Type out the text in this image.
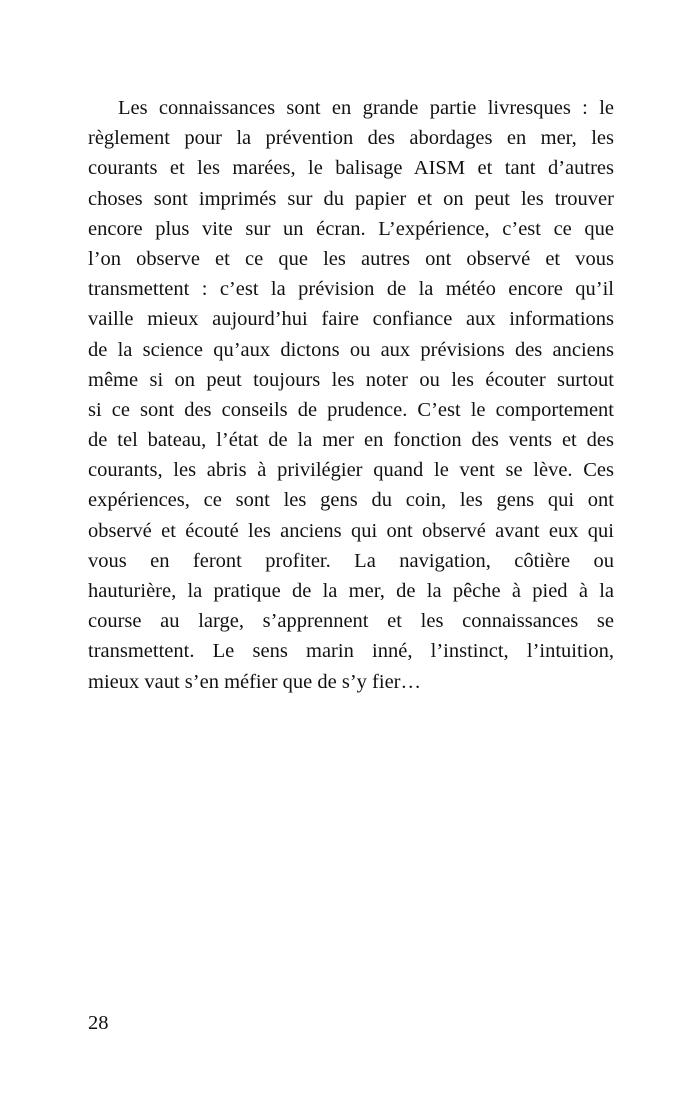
Les connaissances sont en grande partie livresques : le
règlement pour la prévention des abordages en mer, les
courants et les marées, le balisage AISM et tant d’autres
choses sont imprimés sur du papier et on peut les trouver
encore plus vite sur un écran. L’expérience, c’est ce que
l’on observe et ce que les autres ont observé et vous
transmettent : c’est la prévision de la météo encore qu’il
vaille mieux aujourd’hui faire confiance aux informations
de la science qu’aux dictons ou aux prévisions des anciens
même si on peut toujours les noter ou les écouter surtout
si ce sont des conseils de prudence. C’est le comportement
de tel bateau, l’état de la mer en fonction des vents et des
courants, les abris à privilégier quand le vent se lève. Ces
expériences, ce sont les gens du coin, les gens qui ont
observé et écouté les anciens qui ont observé avant eux qui
vous en feront profiter. La navigation, côtière ou
hauturière, la pratique de la mer, de la pêche à pied à la
course au large, s’apprennent et les connaissances se
transmettent. Le sens marin inné, l’instinct, l’intuition,
mieux vaut s’en méfier que de s’y fier…
28
